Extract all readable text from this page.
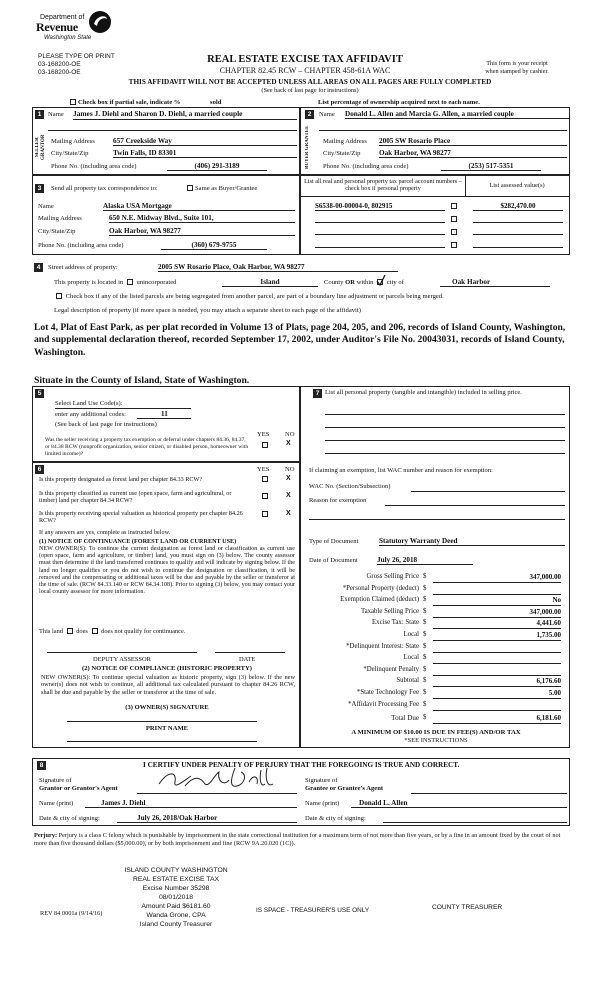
Department of
Revenue
Washington State
PLEASE TYPE OR PRINT
03-168200-OE
03-168200-OE
REAL ESTATE EXCISE TAX AFFIDAVIT
CHAPTER 82.45 RCW – CHAPTER 458-61A WAC
This form is your receipt
when stamped by cashier.
THIS AFFIDAVIT WILL NOT BE ACCEPTED UNLESS ALL AREAS ON ALL PAGES ARE FULLY COMPLETED
(See back of last page for instructions)
Check box if partial sale, indicate %	sold	List percentage of ownership acquired next to each name.
1
SELLER GRANTOR
Name James J. Diehl and Sharon D. Diehl, a married couple
Mailing Address	657 Creekside Way
City/State/Zip	Twin Falls, ID 83301
Phone No. (including area code)	(406) 291-3189
2
BUYER GRANTEE
Name Donald L. Allen and Marcia G. Allen, a married couple
Mailing Address 2005 SW Rosario Place
City/State/Zip	Oak Harbor, WA 98277
Phone No. (including area code)	(253) 517-5351
3	Send all property tax correspondence to:	Same as Buyer/Grantee
Name	Alaska USA Mortgage
Mailing Address	650 N.E. Midway Blvd., Suite 101,
City/State/Zip	Oak Harbor, WA 98277
Phone No. (including area code)	(360) 679-9755
List all real and personal property tax parcel account numbers – check box if personal property	List assessed value(s)
S6538-00-00004-0, 802915	$282,470.00
4	Street address of property:	2005 SW Rosario Place, Oak Harbor, WA 98277
This property is located in unincorporated	Island	County OR within city of	Oak Harbor
Check box if any of the listed parcels are being segregated from another parcel, are part of a boundary line adjustment or parcels being merged.
Legal description of property (if more space is needed, you may attach a separate sheet to each page of the affidavit)
Lot 4, Plat of East Park, as per plat recorded in Volume 13 of Plats, page 204, 205, and 206, records of Island County, Washington, and supplemental declaration thereof, recorded September 17, 2002, under Auditor's File No. 20043031, records of Island County, Washington.
Situate in the County of Island, State of Washington.
5
Select Land Use Code(s):
enter any additional codes:	11
(See back of last page for instructions)
YES NO
Was the seller receiving a property tax exemption or deferral under chapters 84.36, 84.37, or 84.38 RCW (nonprofit organization, senior citizen, or disabled person, homeowner with limited income)?
X
6	YES NO
Is this property designated as forest land per chapter 84.33 RCW?	X
Is this property classified as current use (open space, farm and agricultural, or timber) land per chapter 84.34 RCW?
X
Is this property receiving special valuation as historical property per chapter 84.26 RCW?
X
If any answers are yes, complete as instructed below.
(1) NOTICE OF CONTINUANCE (FOREST LAND OR CURRENT USE)
NEW OWNER(S): To continue the current designation as forest land or classification as current use (open space, farm and agriculture, or timber) land, you must sign on (3) below. The county assessor must then determine if the land transferred continues to qualify and will indicate by signing below. If the land no longer qualifies or you do not wish to continue the designation or classification, it will be removed and the compensating or additional taxes will be due and payable by the seller or transferor at the time of sale. (RCW 84.33.140 or RCW 84.34.108). Prior to signing (3) below, you may contact your local county assessor for more information.
This land does does not qualify for continuance.
DEPUTY ASSESSOR	DATE
(2) NOTICE OF COMPLIANCE (HISTORIC PROPERTY)
NEW OWNER(S): To continue special valuation as historic property, sign (3) below. If the new owner(s) does not wish to continue, all additional tax calculated pursuant to chapter 84.26 RCW, shall be due and payable by the seller or transferor at the time of sale.
(3) OWNER(S) SIGNATURE
PRINT NAME
7 List all personal property (tangible and intangible) included in selling price.
If claiming an exemption, list WAC number and reason for exemption:
WAC No. (Section/Subsection)
Reason for exemption
Type of Document	Statutory Warranty Deed
Date of Document	July 26, 2018
Gross Selling Price $	347,000.00
*Personal Property (deduct) $
Exemption Claimed (deduct) $	No
Taxable Selling Price $	347,000.00
Excise Tax: State $	4,441.60
Local $	1,735.00
*Delinquent Interest: State $
Local $
*Delinquent Penalty $
Subtotal $	6,176.60
*State Technology Fee $	5.00
*Affidavit Processing Fee $
Total Due $	6,181.60
A MINIMUM OF $10.00 IS DUE IN FEE(S) AND/OR TAX
*SEE INSTRUCTIONS
8	I CERTIFY UNDER PENALTY OF PERJURY THAT THE FOREGOING IS TRUE AND CORRECT.
Signature of
Grantor or Grantor's Agent
Signature of
Grantee or Grantee's Agent
Name (print)	James J. Diehl	Name (print)	Donald L. Allen
Date & city of signing:	July 26, 2018/Oak Harbor	Date & city of signing:
Perjury: Perjury is a class C felony which is punishable by imprisonment in the state correctional institution for a maximum term of not more than five years, or by a fine in an amount fixed by the court of not more than five thousand dollars ($5,000.00), or by both imprisonment and fine (RCW 9A.20.020 (1C)).
ISLAND COUNTY WASHINGTON
REAL ESTATE EXCISE TAX
Excise Number 35298
08/01/2018
Amount Paid $6181.60
Wanda Grone, CPA
Island County Treasurer
REV 84 0001a (9/14/16)	IS SPACE - TREASURER'S USE ONLY	COUNTY TREASURER
